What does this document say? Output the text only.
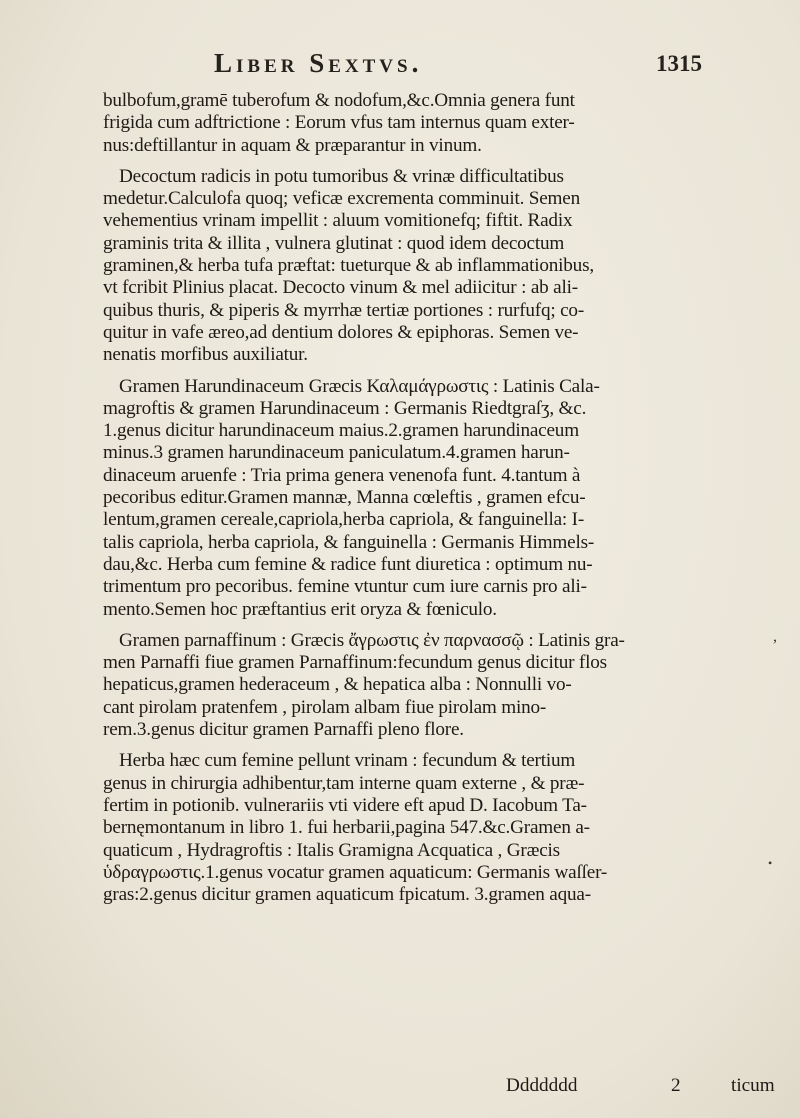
Liber Sextvs.	1315
bulbofum,gramē tuberofum & nodofum,&c.Omnia genera funt
frigida cum adftrictione : Eorum vfus tam internus quam exter-
nus:deftillantur in aquam & præparantur in vinum.
Decoctum radicis in potu tumoribus & vrinæ difficultatibus
medetur.Calculofa quoq; veficæ excrementa comminuit. Semen
vehementius vrinam impellit : aluum vomitionefq; fiftit. Radix
graminis trita & illita , vulnera glutinat : quod idem decoctum
graminen,& herba tufa præftat: tueturque & ab inflammationibus,
vt fcribit Plinius placat. Decocto vinum & mel adiicitur : ab ali-
quibus thuris, & piperis & myrrhæ tertiæ portiones : rurfufq; co-
quitur in vafe æreo,ad dentium dolores & epiphoras. Semen ve-
nenatis morfibus auxiliatur.
Gramen Harundinaceum Græcis Καλαμάγρωστις : Latinis Cala-
magroftis & gramen Harundinaceum : Germanis Riedtgraſʒ, &c.
1.genus dicitur harundinaceum maius.2.gramen harundinaceum
minus.3 gramen harundinaceum paniculatum.4.gramen harun-
dinaceum aruenfe : Tria prima genera venenofa funt. 4.tantum à
pecoribus editur.Gramen mannæ, Manna cœleftis , gramen efcu-
lentum,gramen cereale,capriola,herba capriola, & fanguinella: I-
talis capriola, herba capriola, & fanguinella : Germanis Himmels-
dau,&c. Herba cum femine & radice funt diuretica : optimum nu-
trimentum pro pecoribus. femine vtuntur cum iure carnis pro ali-
mento.Semen hoc præftantius erit oryza & fœniculo.
Gramen parnaffinum : Græcis ἄγρωστις ἐν παρνασσῷ : Latinis gra-
men Parnaffi fiue gramen Parnaffinum:fecundum genus dicitur flos
hepaticus,gramen hederaceum , & hepatica alba : Nonnulli vo-
cant pirolam pratenfem , pirolam albam fiue pirolam mino-
rem.3.genus dicitur gramen Parnaffi pleno flore.
Herba hæc cum femine pellunt vrinam : fecundum & tertium
genus in chirurgia adhibentur,tam interne quam externe , & præ-
fertim in potionib. vulnerariis vti videre eft apud D. Iacobum Ta-
bernęmontanum in libro 1. fui herbarii,pagina 547.&c.Gramen a-
quaticum , Hydragroftis : Italis Gramigna Acquatica , Græcis
ὑδραγρωστις.1.genus vocatur gramen aquaticum: Germanis waſſer-
gras:2.genus dicitur gramen aquaticum fpicatum. 3.gramen aqua-
,
•
Ddddddd	2	ticum
